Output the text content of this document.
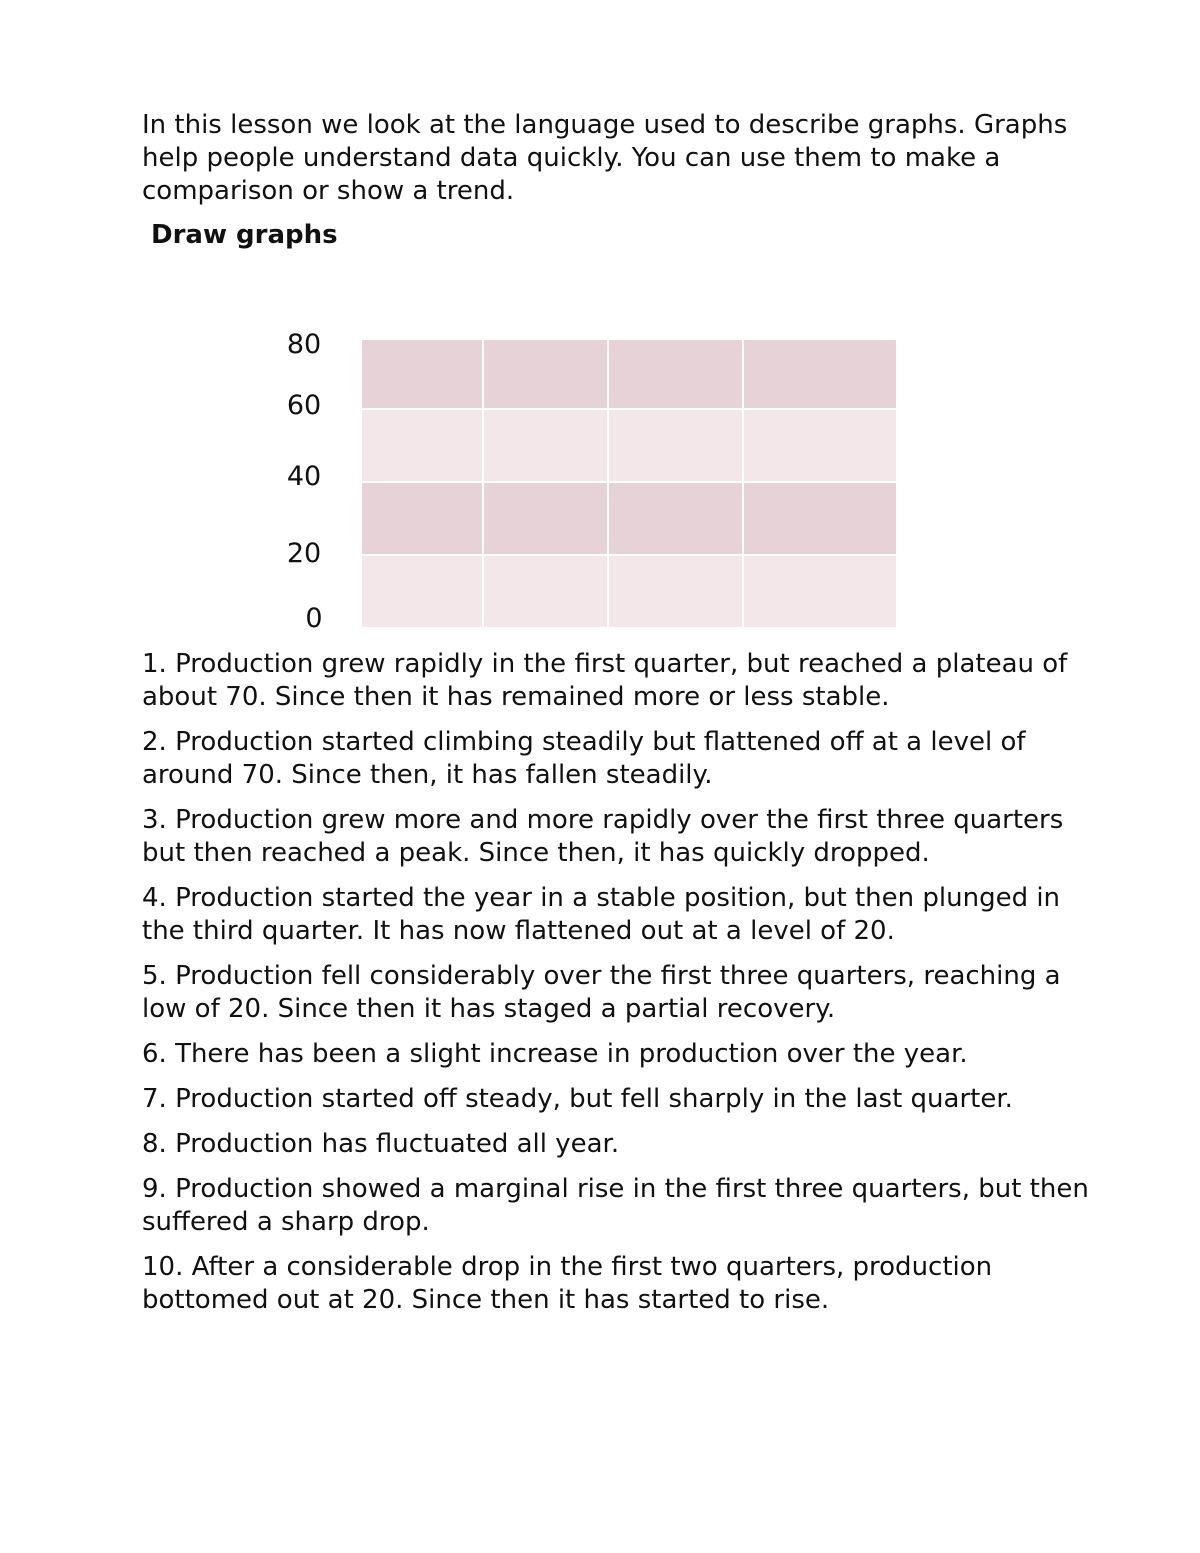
In this lesson we look at the language used to describe graphs. Graphs help people understand data quickly. You can use them to make a comparison or show a trend.

Draw graphs

80
60
40
20
0
1. Production grew rapidly in the first quarter, but reached a plateau of about 70. Since then it has remained more or less stable.
2. Production started climbing steadily but flattened off at a level of around 70. Since then, it has fallen steadily.
3. Production grew more and more rapidly over the first three quarters but then reached a peak. Since then, it has quickly dropped.
4. Production started the year in a stable position, but then plunged in the third quarter. It has now flattened out at a level of 20.
5. Production fell considerably over the first three quarters, reaching a low of 20. Since then it has staged a partial recovery.
6. There has been a slight increase in production over the year.
7. Production started off steady, but fell sharply in the last quarter.
8. Production has fluctuated all year.
9. Production showed a marginal rise in the first three quarters, but then suffered a sharp drop.
10. After a considerable drop in the first two quarters, production bottomed out at 20. Since then it has started to rise.
